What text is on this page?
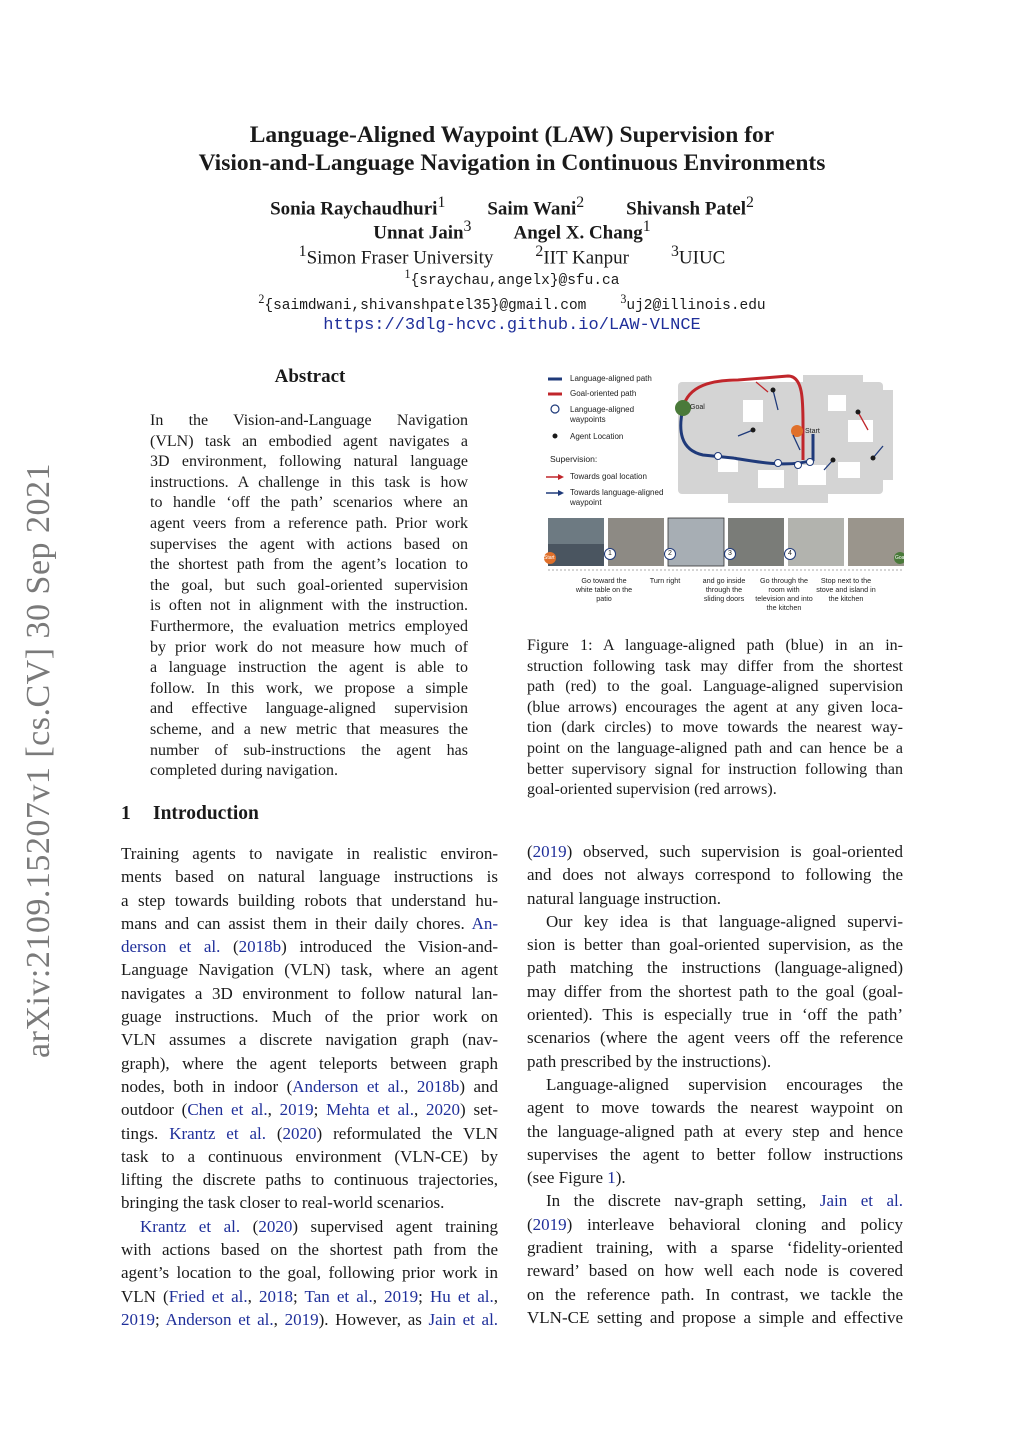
Language-Aligned Waypoint (LAW) Supervision for
Vision-and-Language Navigation in Continuous Environments
Sonia Raychaudhuri$^1$ Saim Wani$^2$ Shivansh Patel$^2$
Unnat Jain$^3$ Angel X. Chang$^1$
$^1$Simon Fraser University	$^2$IIT Kanpur	$^3$UIUC
$^1${sraychau,angelx}@sfu.ca
$^2${saimdwani,shivanshpatel35}@gmail.com	$^3$uj2@illinois.edu
https://3dlg-hcvc.github.io/LAW-VLNCE
arXiv:2109.15207v1 [cs.CV] 30 Sep 2021
Abstract
In the Vision-and-Language Navigation
(VLN) task an embodied agent navigates a
3D environment, following natural language
instructions. A challenge in this task is how
to handle ‘off the path’ scenarios where an
agent veers from a reference path. Prior work
supervises the agent with actions based on
the shortest path from the agent’s location to
the goal, but such goal-oriented supervision
is often not in alignment with the instruction.
Furthermore, the evaluation metrics employed
by prior work do not measure how much of
a language instruction the agent is able to
follow. In this work, we propose a simple
and effective language-aligned supervision
scheme, and a new metric that measures the
number of sub-instructions the agent has
completed during navigation.
1 Introduction
Training agents to navigate in realistic environ-
ments based on natural language instructions is
a step towards building robots that understand hu-
mans and can assist them in their daily chores. An-
derson et al. (2018b) introduced the Vision-and-
Language Navigation (VLN) task, where an agent
navigates a 3D environment to follow natural lan-
guage instructions. Much of the prior work on
VLN assumes a discrete navigation graph (nav-
graph), where the agent teleports between graph
nodes, both in indoor (Anderson et al., 2018b) and
outdoor (Chen et al., 2019; Mehta et al., 2020) set-
tings. Krantz et al. (2020) reformulated the VLN
task to a continuous environment (VLN-CE) by
lifting the discrete paths to continuous trajectories,
bringing the task closer to real-world scenarios.
Krantz et al. (2020) supervised agent training
with actions based on the shortest path from the
agent’s location to the goal, following prior work in
VLN (Fried et al., 2018; Tan et al., 2019; Hu et al.,
2019; Anderson et al., 2019). However, as Jain et al.
(2019) observed, such supervision is goal-oriented
and does not always correspond to following the
natural language instruction.
Our key idea is that language-aligned supervi-
sion is better than goal-oriented supervision, as the
path matching the instructions (language-aligned)
may differ from the shortest path to the goal (goal-
oriented). This is especially true in ‘off the path’
scenarios (where the agent veers off the reference
path prescribed by the instructions).
Language-aligned supervision encourages the
agent to move towards the nearest waypoint on
the language-aligned path at every step and hence
supervises the agent to better follow instructions
(see Figure 1).
In the discrete nav-graph setting, Jain et al.
(2019) interleave behavioral cloning and policy
gradient training, with a sparse ‘fidelity-oriented
reward’ based on how well each node is covered
on the reference path. In contrast, we tackle the
VLN-CE setting and propose a simple and effective
Language-aligned path
Goal-oriented path
Language-aligned waypoints
Agent Location
Supervision:
Towards goal location
Towards language-aligned waypoint
Goal
Start
Start	Goal
1	2	3	4
Go toward the white table on the patio
Turn right	and go inside through the sliding doors
Go through the room with television and into the kitchen
Stop next to the stove and island in the kitchen
Figure 1: A language-aligned path (blue) in an in-
struction following task may differ from the shortest
path (red) to the goal. Language-aligned supervision
(blue arrows) encourages the agent at any given loca-
tion (dark circles) to move towards the nearest way-
point on the language-aligned path and can hence be a
better supervisory signal for instruction following than
goal-oriented supervision (red arrows).
